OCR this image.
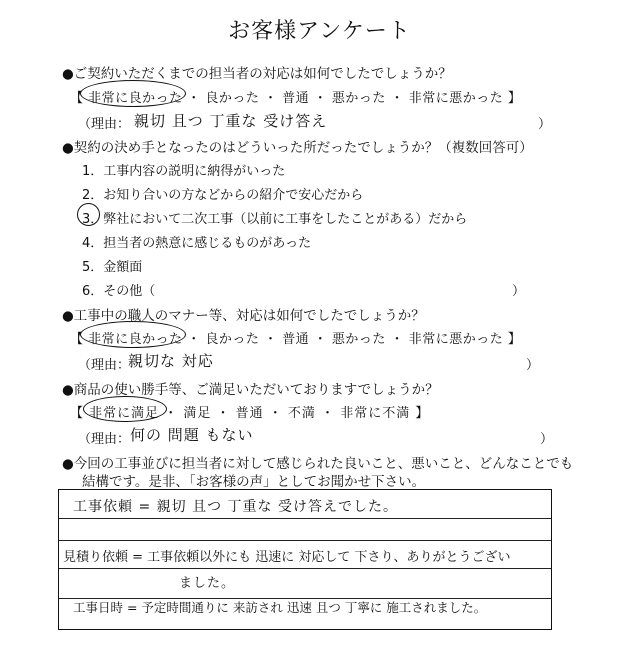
お客様アンケート
●ご契約いただくまでの担当者の対応は如何でしたでしょうか？
【 非常に良かった ・ 良かった ・ 普通 ・ 悪かった ・ 非常に悪かった 】
（理由： 親切 且つ 丁重な 受け答え	）
●契約の決め手となったのはどういった所だったでしょうか？（複数回答可）
1．工事内容の説明に納得がいった
2．お知り合いの方などからの紹介で安心だから
3．弊社において二次工事（以前に工事をしたことがある）だから
4．担当者の熱意に感じるものがあった
5．金額面
6．その他（	）
●工事中の職人のマナー等、対応は如何でしたでしょうか？
【 非常に良かった ・ 良かった ・ 普通 ・ 悪かった ・ 非常に悪かった 】
（理由：
親切な 対応	）
●商品の使い勝手等、ご満足いただいておりますでしょうか？
【 非常に満足 ・ 満足 ・ 普通 ・ 不満 ・ 非常に不満 】
（理由： 何の 問題 もない	）
●今回の工事並びに担当者に対して感じられた良いこと、悪いこと、どんなことでも
結構です。是非、「お客様の声」としてお聞かせ下さい。
工事依頼 = 親切 且つ 丁重な 受け答えでした。
見積り依頼 = 工事依頼以外にも 迅速に 対応して 下さり、ありがとうござい
ました。
工事日時 = 予定時間通りに 来訪され 迅速 且つ 丁寧に 施工されました。
